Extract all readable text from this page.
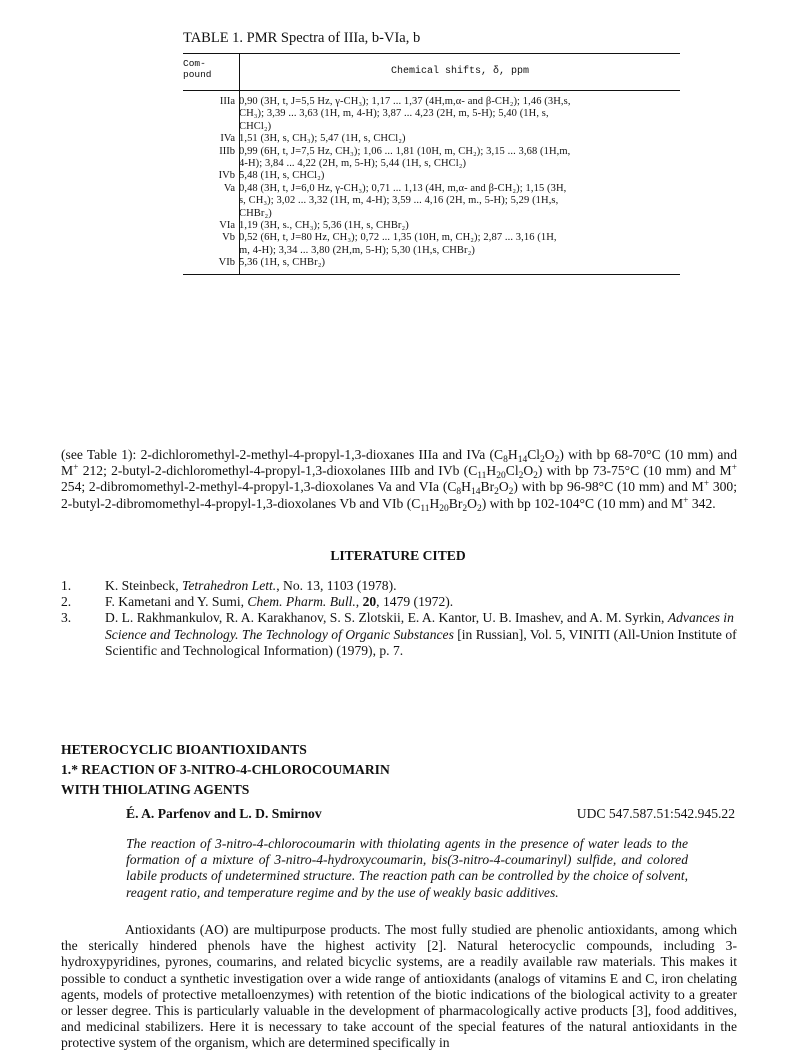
TABLE 1. PMR Spectra of IIIa, b-VIa, b
Com-
pound	Chemical shifts, δ, ppm
IIIa 0,90 (3H, t, J=5,5 Hz, γ-CH₃); 1,17 ... 1,37 (4H,m,α- and β-CH₂); 1,46 (3H,s,
CH₃); 3,39 ... 3,63 (1H, m, 4-H); 3,87 ... 4,23 (2H, m, 5-H); 5,40 (1H, s,
CHCl₂)
IVa 1,51 (3H, s, CH₃); 5,47 (1H, s, CHCl₂)
IIIb 0,99 (6H, t, J=7,5 Hz, CH₃); 1,06 ... 1,81 (10H, m, CH₂); 3,15 ... 3,68 (1H,m,
4-H); 3,84 ... 4,22 (2H, m, 5-H); 5,44 (1H, s, CHCl₂)
IVb 5,48 (1H, s, CHCl₂)
Va 0,48 (3H, t, J=6,0 Hz, γ-CH₃); 0,71 ... 1,13 (4H, m,α- and β-CH₂); 1,15 (3H,
s, CH₃); 3,02 ... 3,32 (1H, m, 4-H); 3,59 ... 4,16 (2H, m., 5-H); 5,29 (1H,s,
CHBr₂)
VIa 1,19 (3H, s., CH₃); 5,36 (1H, s, CHBr₂)
Vb 0,52 (6H, t, J=80 Hz, CH₃); 0,72 ... 1,35 (10H, m, CH₂); 2,87 ... 3,16 (1H,
m, 4-H); 3,34 ... 3,80 (2H,m, 5-H); 5,30 (1H,s, CHBr₂)
VIb 5,36 (1H, s, CHBr₂)
(see Table 1): 2-dichloromethyl-2-methyl-4-propyl-1,3-dioxanes IIIa and IVa $(C_8H_{14}Cl_2O_2)$ with bp 68-70°C (10 mm) and M+ 212; 2-butyl-2-dichloromethyl-4-propyl-1,3-dioxolanes IIIb and IVb $(C_{11}H_{20}Cl_2O_2)$ with bp 73-75°C (10 mm) and M+ 254; 2-dibromomethyl-2-methyl-4-propyl-1,3-dioxolanes Va and VIa $(C_8H_{14}Br_2O_2)$ with bp 96-98°C (10 mm) and M+ 300; 2-butyl-2-dibromomethyl-4-propyl-1,3-dioxolanes Vb and VIb $(C_{11}H_{20}Br_2O_2)$ with bp 102-104°C (10 mm) and M+ 342.
LITERATURE CITED
1.	K. Steinbeck, Tetrahedron Lett., No. 13, 1103 (1978).
2.	F. Kametani and Y. Sumi, Chem. Pharm. Bull., 20, 1479 (1972).
3.	D. L. Rakhmankulov, R. A. Karakhanov, S. S. Zlotskii, E. A. Kantor, U. B. Imashev, and A. M. Syrkin, Advances in Science and Technology. The Technology of Organic Substances [in Russian], Vol. 5, VINITI (All-Union Institute of Scientific and Technological Information) (1979), p. 7.
HETEROCYCLIC BIOANTIOXIDANTS
1.* REACTION OF 3-NITRO-4-CHLOROCOUMARIN
WITH THIOLATING AGENTS
É. A. Parfenov and L. D. Smirnov	UDC 547.587.51:542.945.22
The reaction of 3-nitro-4-chlorocoumarin with thiolating agents in the presence of water leads to the formation of a mixture of 3-nitro-4-hydroxycoumarin, bis(3-nitro-4-coumarinyl) sulfide, and colored labile products of undetermined structure. The reaction path can be controlled by the choice of solvent, reagent ratio, and temperature regime and by the use of weakly basic additives.
Antioxidants (AO) are multipurpose products. The most fully studied are phenolic antioxidants, among which the sterically hindered phenols have the highest activity [2]. Natural heterocyclic compounds, including 3-hydroxypyridines, pyrones, coumarins, and related bicyclic systems, are a readily available raw materials. This makes it possible to conduct a synthetic investigation over a wide range of antioxidants (analogs of vitamins E and C, iron chelating agents, models of protective metalloenzymes) with retention of the biotic indications of the biological activity to a greater or lesser degree. This is particularly valuable in the development of pharmacologically active products [3], food additives, and medicinal stabilizers. Here it is necessary to take account of the special features of the natural antioxidants in the protective system of the organism, which are determined specifically in
